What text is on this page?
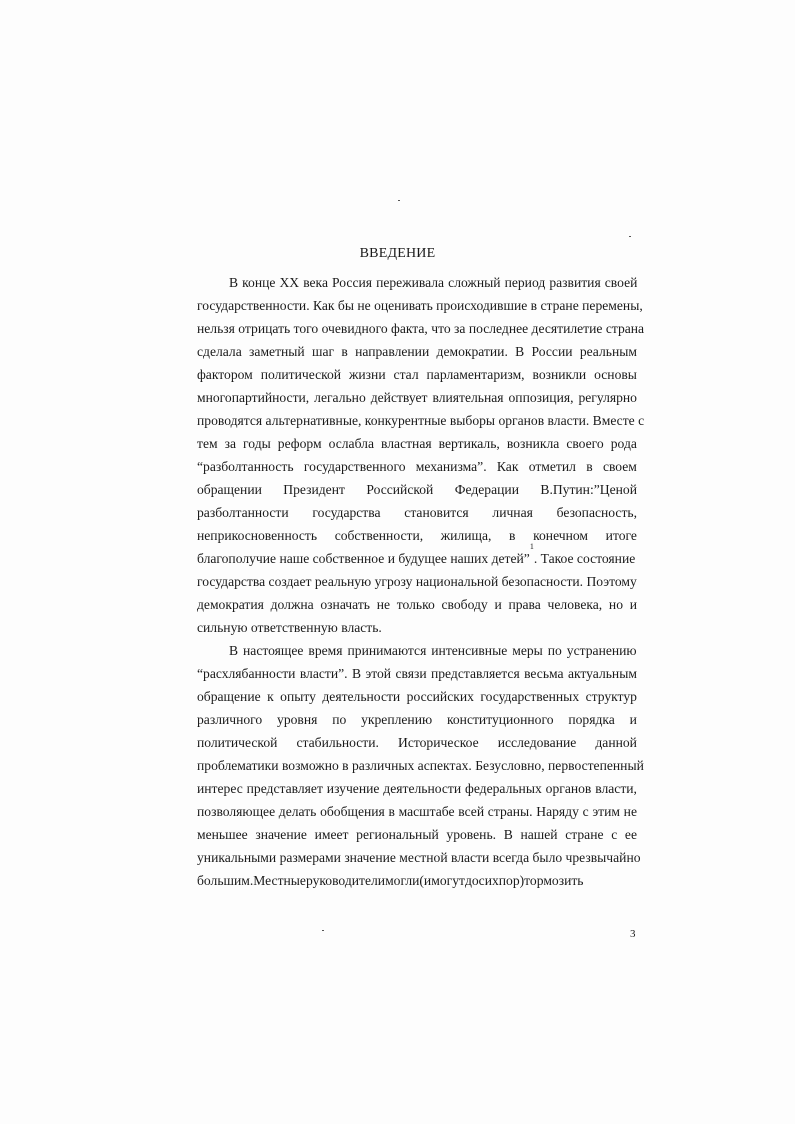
ВВЕДЕНИЕ
В конце XX века Россия переживала сложный период развития своей
государственности. Как бы не оценивать происходившие в стране перемены,
нельзя отрицать того очевидного факта, что за последнее десятилетие страна
сделала заметный шаг в направлении демократии. В России реальным
фактором политической жизни стал парламентаризм, возникли основы
многопартийности, легально действует влиятельная оппозиция, регулярно
проводятся альтернативные, конкурентные выборы органов власти. Вместе с
тем за годы реформ ослабла властная вертикаль, возникла своего рода
“разболтанность государственного механизма”. Как отметил в своем
обращении Президент Российской Федерации В.Путин:”Ценой
разболтанности государства становится личная безопасность,
неприкосновенность собственности, жилища, в конечном итоге
благополучие наше собственное и будущее наших детей”
1
. Такое состояние
государства создает реальную угрозу национальной безопасности. Поэтому
демократия должна означать не только свободу и права человека, но и
сильную ответственную власть.
В настоящее время принимаются интенсивные меры по устранению
“расхлябанности власти”. В этой связи представляется весьма актуальным
обращение к опыту деятельности российских государственных структур
различного уровня по укреплению конституционного порядка и
политической стабильности. Историческое исследование данной
проблематики возможно в различных аспектах. Безусловно, первостепенный
интерес представляет изучение деятельности федеральных органов власти,
позволяющее делать обобщения в масштабе всей страны. Наряду с этим не
меньшее значение имеет региональный уровень. В нашей стране с ее
уникальными размерами значение местной власти всегда было чрезвычайно
большим. Местные руководители могли (и могут до сих пор) тормозить
3
